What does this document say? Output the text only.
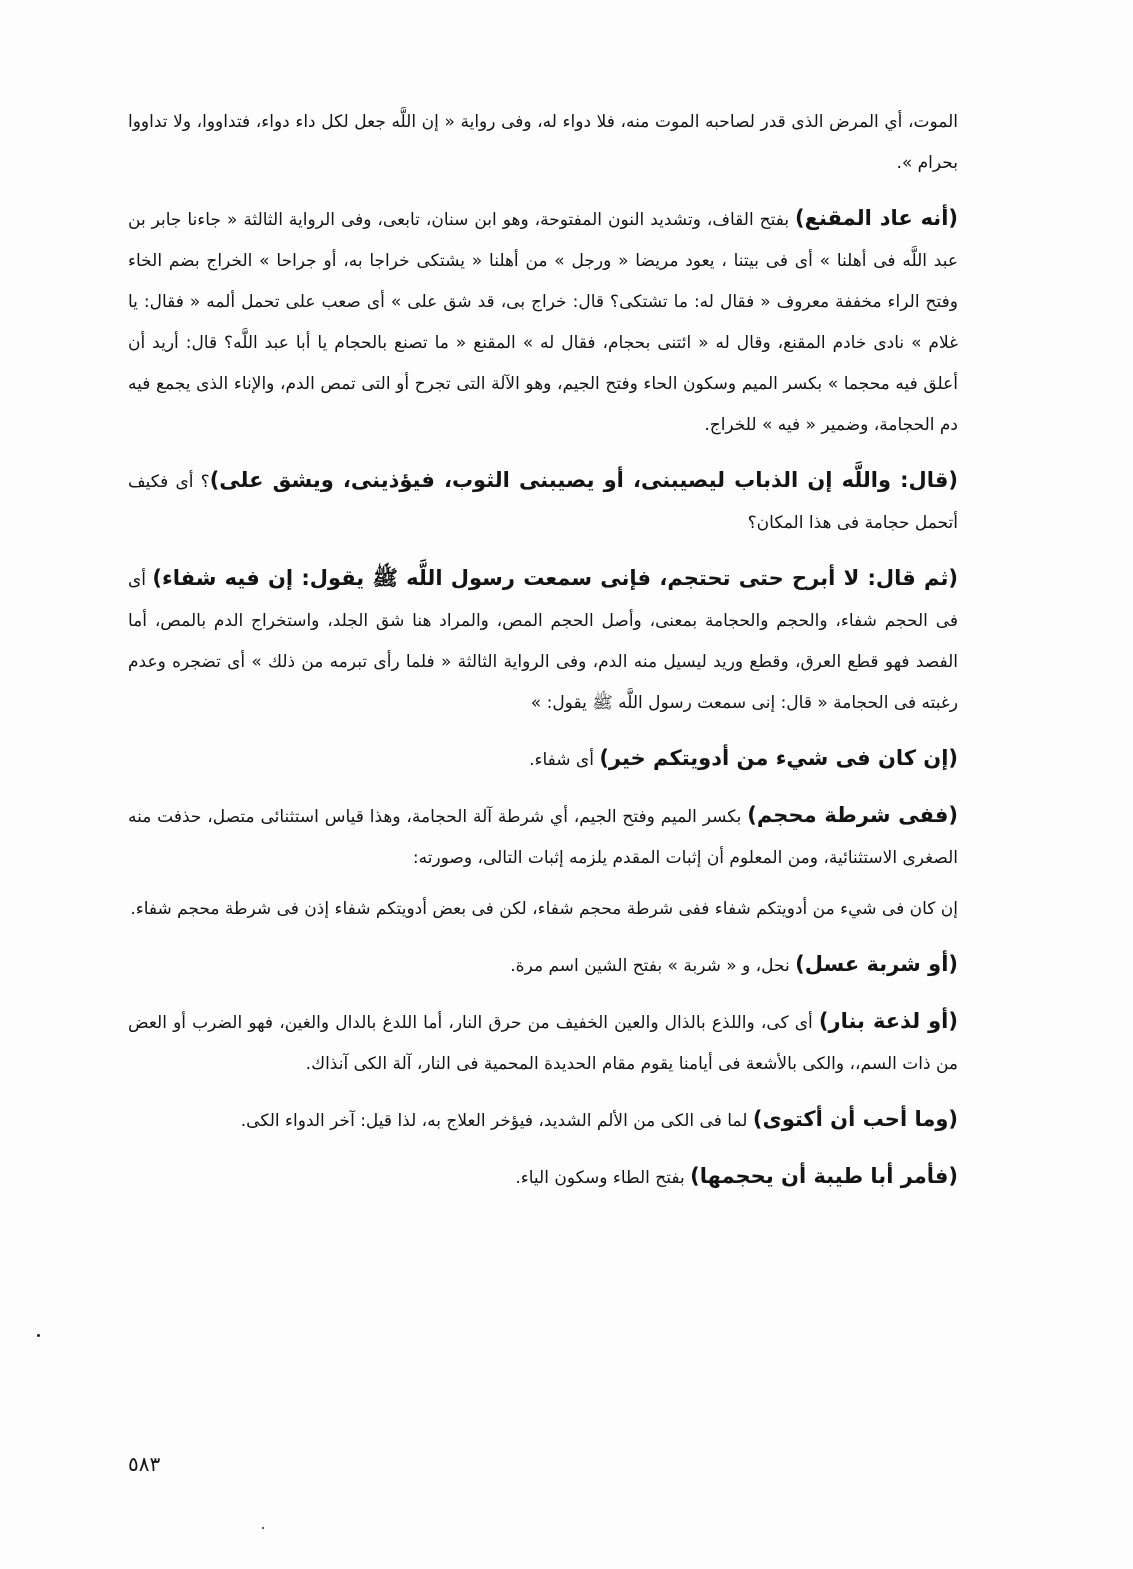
الموت، أي المرض الذى قدر لصاحبه الموت منه، فلا دواء له، وفى رواية « إن اللَّه جعل لكل داء دواء، فتداووا، ولا تداووا بحرام ».

(أنه عاد المقنع) بفتح القاف، وتشديد النون المفتوحة، وهو ابن سنان، تابعى، وفى الرواية الثالثة « جاءنا جابر بن عبد اللَّه فى أهلنا » أى فى بيتنا ، يعود مريضا « ورجل » من أهلنا « يشتكى خراجا به، أو جراحا » الخراج بضم الخاء وفتح الراء مخففة معروف « فقال له: ما تشتكى؟ قال: خراج بى، قد شق على » أى صعب على تحمل ألمه « فقال: يا غلام » نادى خادم المقنع، وقال له « ائتنى بحجام، فقال له » المقنع « ما تصنع بالحجام يا أبا عبد اللَّه؟ قال: أريد أن أعلق فيه محجما » بكسر الميم وسكون الحاء وفتح الجيم، وهو الآلة التى تجرح أو التى تمص الدم، والإناء الذى يجمع فيه دم الحجامة، وضمير « فيه » للخراج.

(قال: واللَّه إن الذباب ليصيبنى، أو يصيبنى الثوب، فيؤذينى، ويشق على)؟ أى فكيف أتحمل حجامة فى هذا المكان؟

(ثم قال: لا أبرح حتى تحتجم، فإنى سمعت رسول اللَّه ﷺ يقول: إن فيه شفاء) أى فى الحجم شفاء، والحجم والحجامة بمعنى، وأصل الحجم المص، والمراد هنا شق الجلد، واستخراج الدم بالمص، أما الفصد فهو قطع العرق، وقطع وريد ليسيل منه الدم، وفى الرواية الثالثة « فلما رأى تبرمه من ذلك » أى تضجره وعدم رغبته فى الحجامة « قال: إنى سمعت رسول اللَّه ﷺ يقول: »

(إن كان فى شيء من أدويتكم خير) أى شفاء.

(ففى شرطة محجم) بكسر الميم وفتح الجيم، أي شرطة آلة الحجامة، وهذا قياس استثنائى متصل، حذفت منه الصغرى الاستثنائية، ومن المعلوم أن إثبات المقدم يلزمه إثبات التالى، وصورته:

إن كان فى شيء من أدويتكم شفاء ففى شرطة محجم شفاء، لكن فى بعض أدويتكم شفاء إذن فى شرطة محجم شفاء.

(أو شربة عسل) نحل، و « شربة » بفتح الشين اسم مرة.

(أو لذعة بنار) أى كى، واللذع بالذال والعين الخفيف من حرق النار، أما اللدغ بالدال والغين، فهو الضرب أو العض من ذات السم،، والكى بالأشعة فى أيامنا يقوم مقام الحديدة المحمية فى النار، آلة الكى آنذاك.

(وما أحب أن أكتوى) لما فى الكى من الألم الشديد، فيؤخر العلاج به، لذا قيل: آخر الدواء الكى.

(فأمر أبا طيبة أن يحجمها) بفتح الطاء وسكون الياء.

٥٨٣
